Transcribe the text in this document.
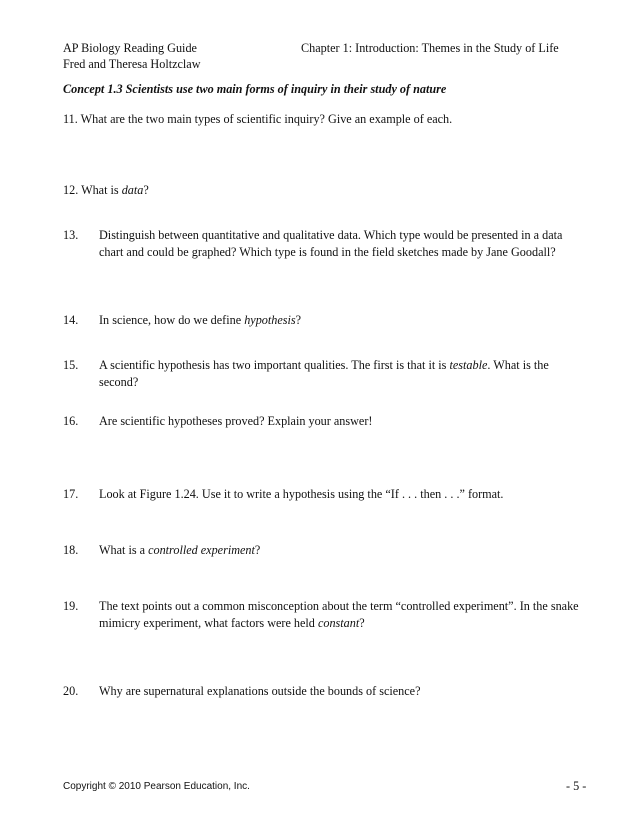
AP Biology Reading Guide
Fred and Theresa Holtzclaw
Chapter 1: Introduction: Themes in the Study of Life
Concept 1.3 Scientists use two main forms of inquiry in their study of nature
11. What are the two main types of scientific inquiry? Give an example of each.
12. What is data?
13. Distinguish between quantitative and qualitative data. Which type would be presented in a data
chart and could be graphed? Which type is found in the field sketches made by Jane Goodall?
14. In science, how do we define hypothesis?
15. A scientific hypothesis has two important qualities. The first is that it is testable. What is the
second?
16. Are scientific hypotheses proved? Explain your answer!
17. Look at Figure 1.24. Use it to write a hypothesis using the “If . . . then . . .” format.
18. What is a controlled experiment?
19. The text points out a common misconception about the term “controlled experiment”. In the snake
mimicry experiment, what factors were held constant?
20. Why are supernatural explanations outside the bounds of science?
Copyright © 2010 Pearson Education, Inc.	- 5 -
